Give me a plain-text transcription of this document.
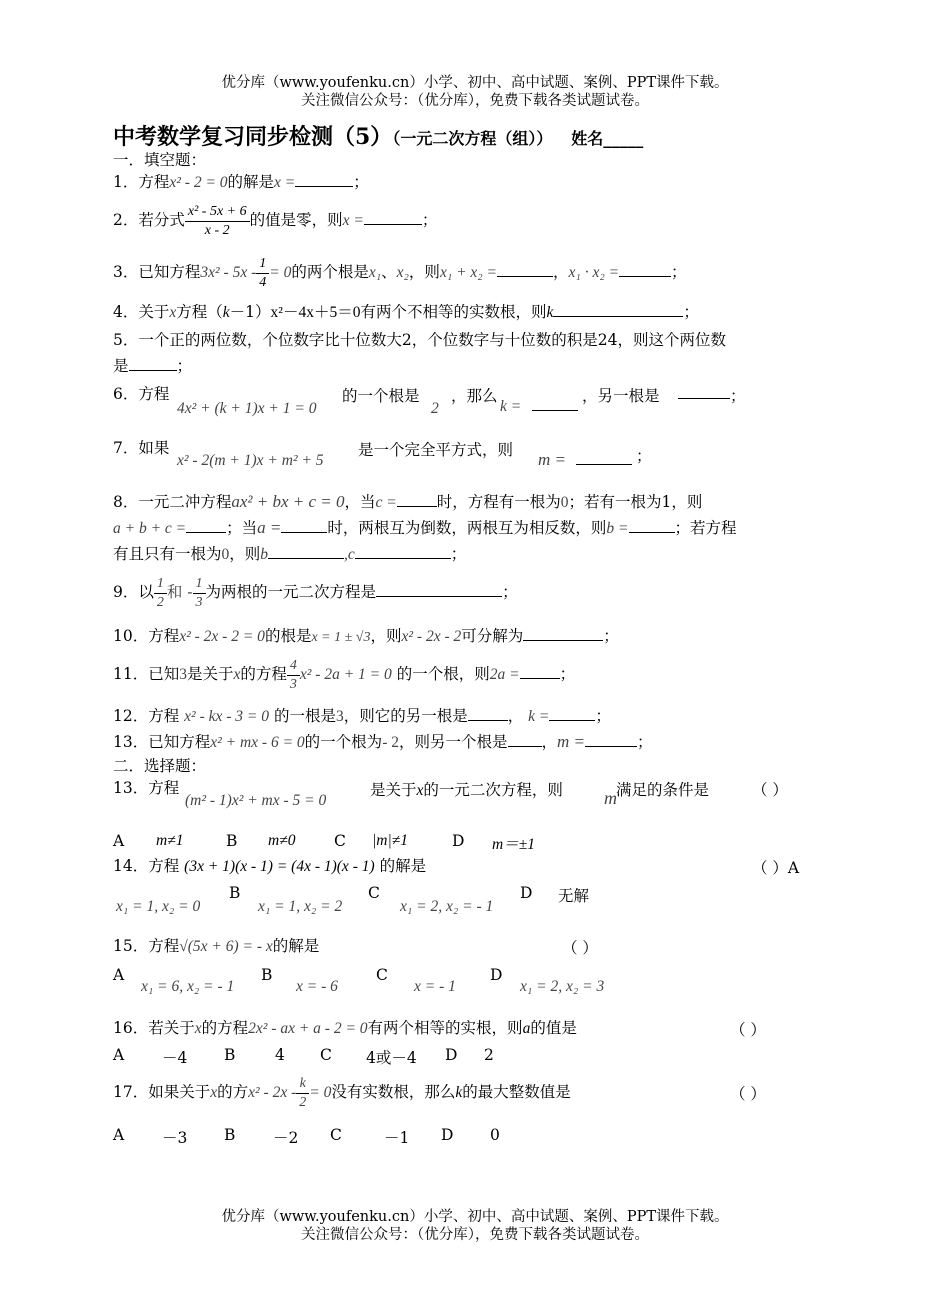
优分库（www.youfenku.cn）小学、初中、高中试题、案例、PPT课件下载。
关注微信公众号：（优分库），免费下载各类试题试卷。
中考数学复习同步检测（5）（一元二次方程（组）） 姓名_____
一．填空题：
1．方程x² - 2 = 0的解是x =	；
2．若分式 $\frac{\text{x² - 5x + 6}}{x - 2}$ 的值是零，则x =	；
3．已知方程$3x^2 - 5x - \frac{1}{4} = 0$的两个根是x₁、x₂，则x₁ + x₂ =	，x₁ · x₂ =	；
4．关于x方程（k－1）x²－4x＋5＝0有两个不相等的实数根，则k	；
5．一个正的两位数，个位数字比十位数大2，个位数字与十位数的积是24，则这个两位数
是	；
6．方程
4x² + (k + 1)x + 1 = 0
的一个根是
2
，那么
k =
，另一根是	；
7．如果
x² - 2(m + 1)x + m² + 5
是一个完全平方式，则 m =	；
8．一元二冲方程ax² + bx + c = 0，当c =	时，方程有一根为0；若有一根为1，则
a + b + c =	；当a =	时，两根互为倒数，两根互为相反数，则b =	；若方程
有且只有一根为0，则b	,c	；
9．以 $\frac{1}{2}$ 和 - $\frac{1}{3}$ 为两根的一元二次方程是	；
10．方程x² - 2x - 2 = 0的根是x = 1 ± √3，则x² - 2x - 2可分解为	；
11．已知3是关于x的方程 $\frac{4}{3} x^2 - 2a + 1 = 0$ 的一个根，则2a =	；
12．方程 x² - kx - 3 = 0 的一根是3，则它的另一根是	， k =	；
13．已知方程x² + mx - 6 = 0的一个根为- 2，则另一个根是 ，m =	；
二．选择题：
13．方程
(m² - 1)x² + mx - 5 = 0
是关于x的一元二次方程，则 m 满足的条件是	（ ）
A m≠1	B m≠0 C |m|≠1	D m＝±1
14．方程 (3x + 1)(x - 1) = (4x - 1)(x - 1) 的解是	（ ）A
x₁ = 1, x₂ = 0
B
x₁ = 1, x₂ = 2
C
x₁ = 2, x₂ = - 1
D 无解
15．方程√(5x + 6) = - x的解是	（ ）
A
x₁ = 6, x₂ = - 1
B
x = - 6
C
x = - 1
D
x₁ = 2, x₂ = 3
16．若关于x的方程2x² - ax + a - 2 = 0有两个相等的实根，则a的值是	（ ）
A －4 B	4 C 4或－4 D 2
17．如果关于x的方$x^2 - 2x - \frac{k}{2} = 0$没有实数根，那么k的最大整数值是	（ ）
A －3 B －2 C	－1 D 0
优分库（www.youfenku.cn）小学、初中、高中试题、案例、PPT课件下载。
关注微信公众号：（优分库），免费下载各类试题试卷。
